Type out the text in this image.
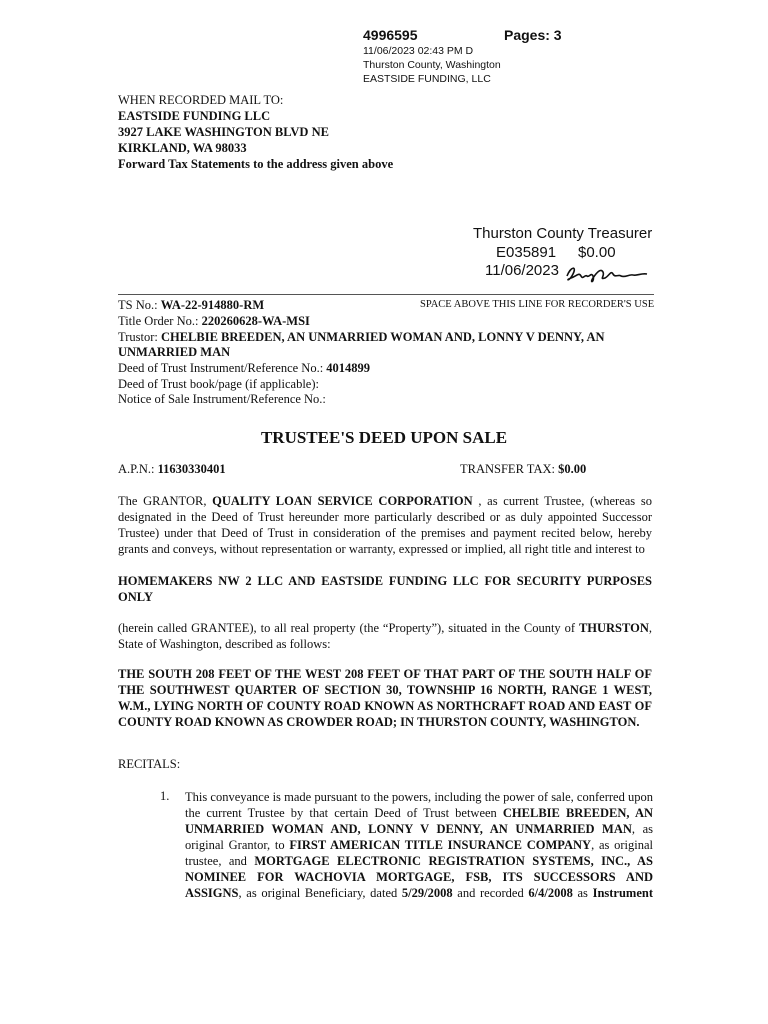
4996595	Pages: 3
11/06/2023 02:43 PM D
Thurston County, Washington
EASTSIDE FUNDING, LLC
WHEN RECORDED MAIL TO:
EASTSIDE FUNDING LLC
3927 LAKE WASHINGTON BLVD NE
KIRKLAND, WA 98033
Forward Tax Statements to the address given above
Thurston County Treasurer
E035891 $0.00
11/06/2023
SPACE ABOVE THIS LINE FOR RECORDER'S USE
TS No.: WA-22-914880-RM
Title Order No.: 220260628-WA-MSI
Trustor: CHELBIE BREEDEN, AN UNMARRIED WOMAN AND, LONNY V DENNY, AN
UNMARRIED MAN
Deed of Trust Instrument/Reference No.: 4014899
Deed of Trust book/page (if applicable):
Notice of Sale Instrument/Reference No.:
TRUSTEE'S DEED UPON SALE
A.P.N.: 11630330401	TRANSFER TAX: $0.00

The GRANTOR, QUALITY LOAN SERVICE CORPORATION , as current Trustee, (whereas so designated in the Deed of Trust hereunder more particularly described or as duly appointed Successor Trustee) under that Deed of Trust in consideration of the premises and payment recited below, hereby grants and conveys, without representation or warranty, expressed or implied, all right title and interest to

HOMEMAKERS NW 2 LLC AND EASTSIDE FUNDING LLC FOR SECURITY PURPOSES ONLY

(herein called GRANTEE), to all real property (the “Property”), situated in the County of THURSTON, State of Washington, described as follows:

THE SOUTH 208 FEET OF THE WEST 208 FEET OF THAT PART OF THE SOUTH HALF OF THE SOUTHWEST QUARTER OF SECTION 30, TOWNSHIP 16 NORTH, RANGE 1 WEST, W.M., LYING NORTH OF COUNTY ROAD KNOWN AS NORTHCRAFT ROAD AND EAST OF COUNTY ROAD KNOWN AS CROWDER ROAD; IN THURSTON COUNTY, WASHINGTON.

RECITALS:
1. This conveyance is made pursuant to the powers, including the power of sale, conferred upon the current Trustee by that certain Deed of Trust between CHELBIE BREEDEN, AN UNMARRIED WOMAN AND, LONNY V DENNY, AN UNMARRIED MAN, as original Grantor, to FIRST AMERICAN TITLE INSURANCE COMPANY, as original trustee, and MORTGAGE ELECTRONIC REGISTRATION SYSTEMS, INC., AS NOMINEE FOR WACHOVIA MORTGAGE, FSB, ITS SUCCESSORS AND ASSIGNS, as original Beneficiary, dated 5/29/2008 and recorded 6/4/2008 as Instrument
